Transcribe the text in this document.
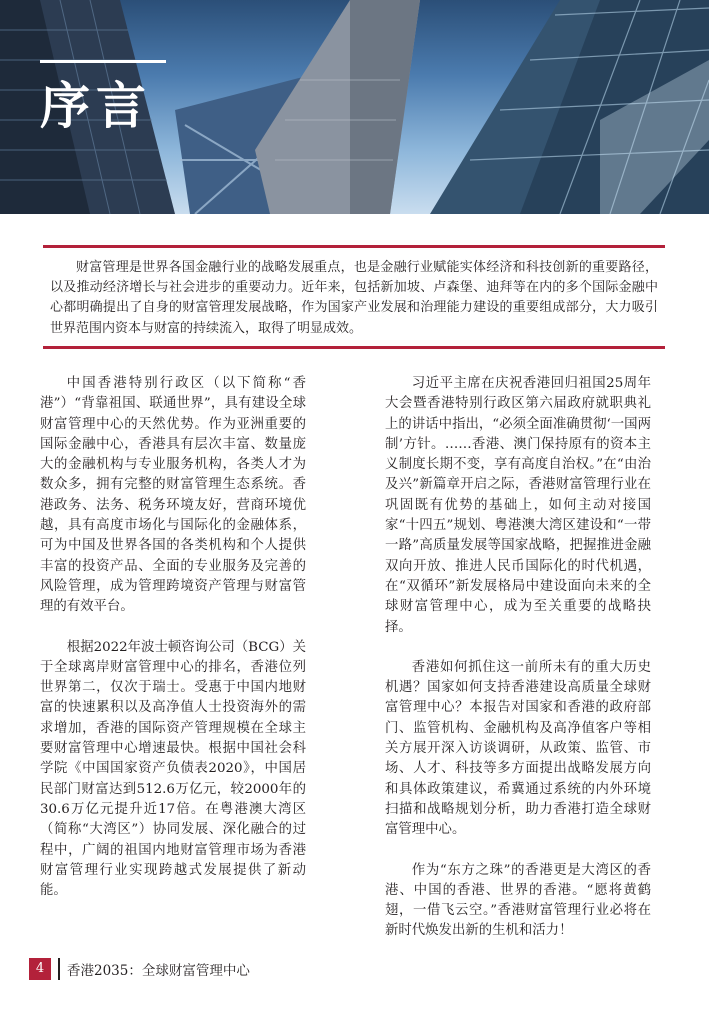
序言

财富管理是世界各国金融行业的战略发展重点，也是金融行业赋能实体经济和科技创新的重要路径，以及推动经济增长与社会进步的重要动力。近年来，包括新加坡、卢森堡、迪拜等在内的多个国际金融中心都明确提出了自身的财富管理发展战略，作为国家产业发展和治理能力建设的重要组成部分，大力吸引世界范围内资本与财富的持续流入，取得了明显成效。

中国香港特别行政区（以下简称“香港”）“背靠祖国、联通世界”，具有建设全球财富管理中心的天然优势。作为亚洲重要的国际金融中心，香港具有层次丰富、数量庞大的金融机构与专业服务机构，各类人才为数众多，拥有完整的财富管理生态系统。香港政务、法务、税务环境友好，营商环境优越，具有高度市场化与国际化的金融体系，可为中国及世界各国的各类机构和个人提供丰富的投资产品、全面的专业服务及完善的风险管理，成为管理跨境资产管理与财富管理的有效平台。

根据2022年波士顿咨询公司（BCG）关于全球离岸财富管理中心的排名，香港位列世界第二，仅次于瑞士。受惠于中国内地财富的快速累积以及高净值人士投资海外的需求增加，香港的国际资产管理规模在全球主要财富管理中心增速最快。根据中国社会科学院《中国国家资产负债表2020》，中国居民部门财富达到512.6万亿元，较2000年的30.6万亿元提升近17倍。在粤港澳大湾区（简称“大湾区”）协同发展、深化融合的过程中，广阔的祖国内地财富管理市场为香港财富管理行业实现跨越式发展提供了新动能。

习近平主席在庆祝香港回归祖国25周年大会暨香港特别行政区第六届政府就职典礼上的讲话中指出，“必须全面准确贯彻‘一国两制’方针。……香港、澳门保持原有的资本主义制度长期不变，享有高度自治权。”在“由治及兴”新篇章开启之际，香港财富管理行业在巩固既有优势的基础上，如何主动对接国家“十四五”规划、粤港澳大湾区建设和“一带一路”高质量发展等国家战略，把握推进金融双向开放、推进人民币国际化的时代机遇，在“双循环”新发展格局中建设面向未来的全球财富管理中心，成为至关重要的战略抉择。

香港如何抓住这一前所未有的重大历史机遇？国家如何支持香港建设高质量全球财富管理中心？本报告对国家和香港的政府部门、监管机构、金融机构及高净值客户等相关方展开深入访谈调研，从政策、监管、市场、人才、科技等多方面提出战略发展方向和具体政策建议，希冀通过系统的内外环境扫描和战略规划分析，助力香港打造全球财富管理中心。

作为“东方之珠”的香港更是大湾区的香港、中国的香港、世界的香港。“愿将黄鹤翅，一借飞云空。”香港财富管理行业必将在新时代焕发出新的生机和活力！

4	香港2035：全球财富管理中心
